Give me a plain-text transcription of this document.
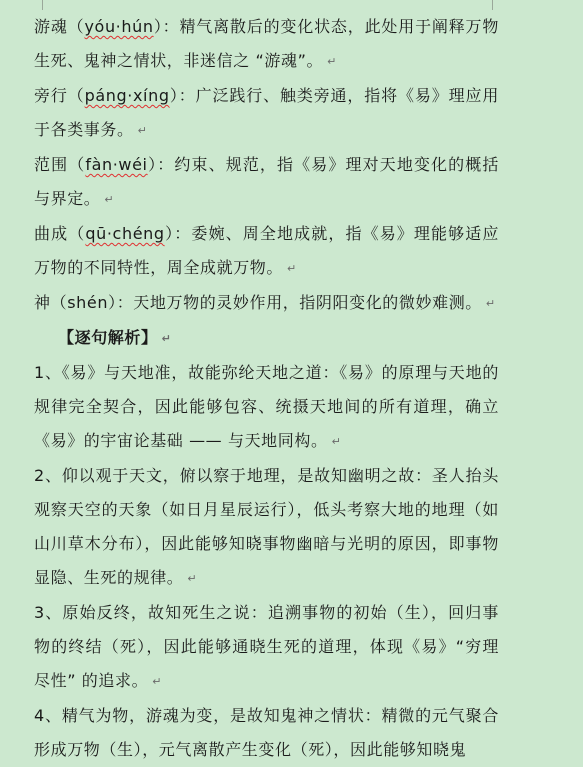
游魂（yóu·hún）：精气离散后的变化状态，此处用于阐释万物生死、鬼神之情状，非迷信之 “游魂”。 ↵

旁行（páng·xíng）：广泛践行、触类旁通，指将《易》理应用于各类事务。 ↵

范围（fàn·wéi）：约束、规范，指《易》理对天地变化的概括与界定。 ↵

曲成（qū·chéng）：委婉、周全地成就，指《易》理能够适应万物的不同特性，周全成就万物。 ↵

神（shén）：天地万物的灵妙作用，指阴阳变化的微妙难测。 ↵

【逐句解析】 ↵

1、《易》与天地准，故能弥纶天地之道：《易》的原理与天地的规律完全契合，因此能够包容、统摄天地间的所有道理，确立《易》的宇宙论基础 —— 与天地同构。 ↵

2、仰以观于天文，俯以察于地理，是故知幽明之故：圣人抬头观察天空的天象（如日月星辰运行），低头考察大地的地理（如山川草木分布），因此能够知晓事物幽暗与光明的原因，即事物显隐、生死的规律。 ↵

3、原始反终，故知死生之说：追溯事物的初始（生），回归事物的终结（死），因此能够通晓生死的道理，体现《易》“穷理尽性” 的追求。 ↵

4、精气为物，游魂为变，是故知鬼神之情状：精微的元气聚合形成万物（生），元气离散产生变化（死），因此能够知晓鬼
